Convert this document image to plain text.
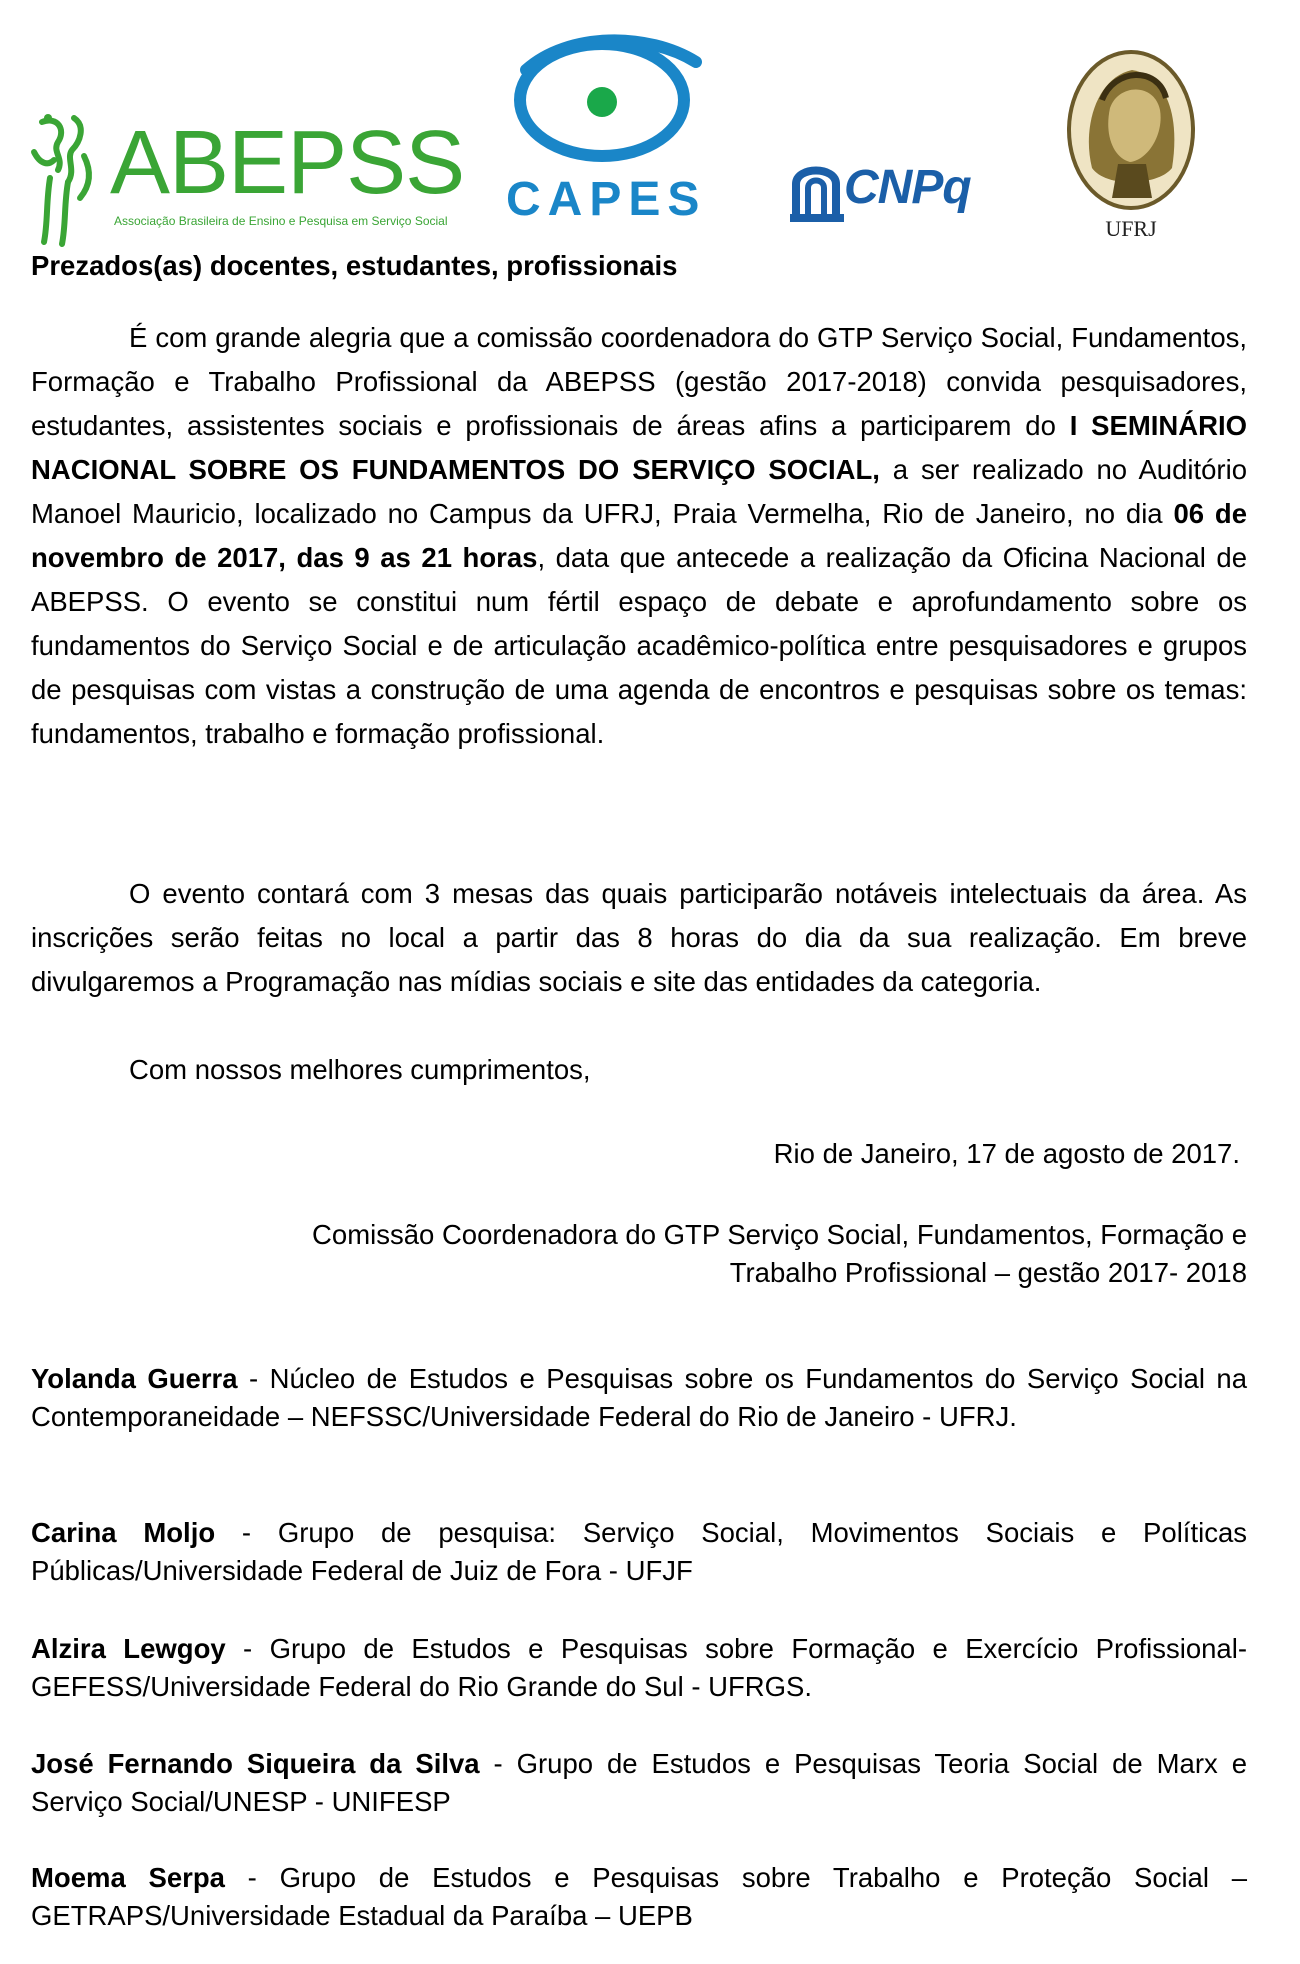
ABEPSS
Associação Brasileira de Ensino e Pesquisa em Serviço Social CAPES	CNPq
UFRJ
Prezados(as) docentes, estudantes, profissionais
É com grande alegria que a comissão coordenadora do GTP Serviço Social, Fundamentos, Formação e Trabalho Profissional da ABEPSS (gestão 2017-2018) convida pesquisadores, estudantes, assistentes sociais e profissionais de áreas afins a participarem do I SEMINÁRIO NACIONAL SOBRE OS FUNDAMENTOS DO SERVIÇO SOCIAL, a ser realizado no Auditório Manoel Mauricio, localizado no Campus da UFRJ, Praia Vermelha, Rio de Janeiro, no dia 06 de novembro de 2017, das 9 as 21 horas, data que antecede a realização da Oficina Nacional de ABEPSS. O evento se constitui num fértil espaço de debate e aprofundamento sobre os fundamentos do Serviço Social e de articulação acadêmico-política entre pesquisadores e grupos de pesquisas com vistas a construção de uma agenda de encontros e pesquisas sobre os temas: fundamentos, trabalho e formação profissional.
O evento contará com 3 mesas das quais participarão notáveis intelectuais da área. As inscrições serão feitas no local a partir das 8 horas do dia da sua realização. Em breve divulgaremos a Programação nas mídias sociais e site das entidades da categoria.
Com nossos melhores cumprimentos,
Rio de Janeiro, 17 de agosto de 2017.
Comissão Coordenadora do GTP Serviço Social, Fundamentos, Formação e
Trabalho Profissional – gestão 2017- 2018
Yolanda Guerra - Núcleo de Estudos e Pesquisas sobre os Fundamentos do Serviço Social na Contemporaneidade – NEFSSC/Universidade Federal do Rio de Janeiro - UFRJ.
Carina Moljo - Grupo de pesquisa: Serviço Social, Movimentos Sociais e Políticas Públicas/Universidade Federal de Juiz de Fora - UFJF
Alzira Lewgoy - Grupo de Estudos e Pesquisas sobre Formação e Exercício Profissional- GEFESS/Universidade Federal do Rio Grande do Sul - UFRGS.
José Fernando Siqueira da Silva - Grupo de Estudos e Pesquisas Teoria Social de Marx e Serviço Social/UNESP - UNIFESP
Moema Serpa - Grupo de Estudos e Pesquisas sobre Trabalho e Proteção Social – GETRAPS/Universidade Estadual da Paraíba – UEPB
